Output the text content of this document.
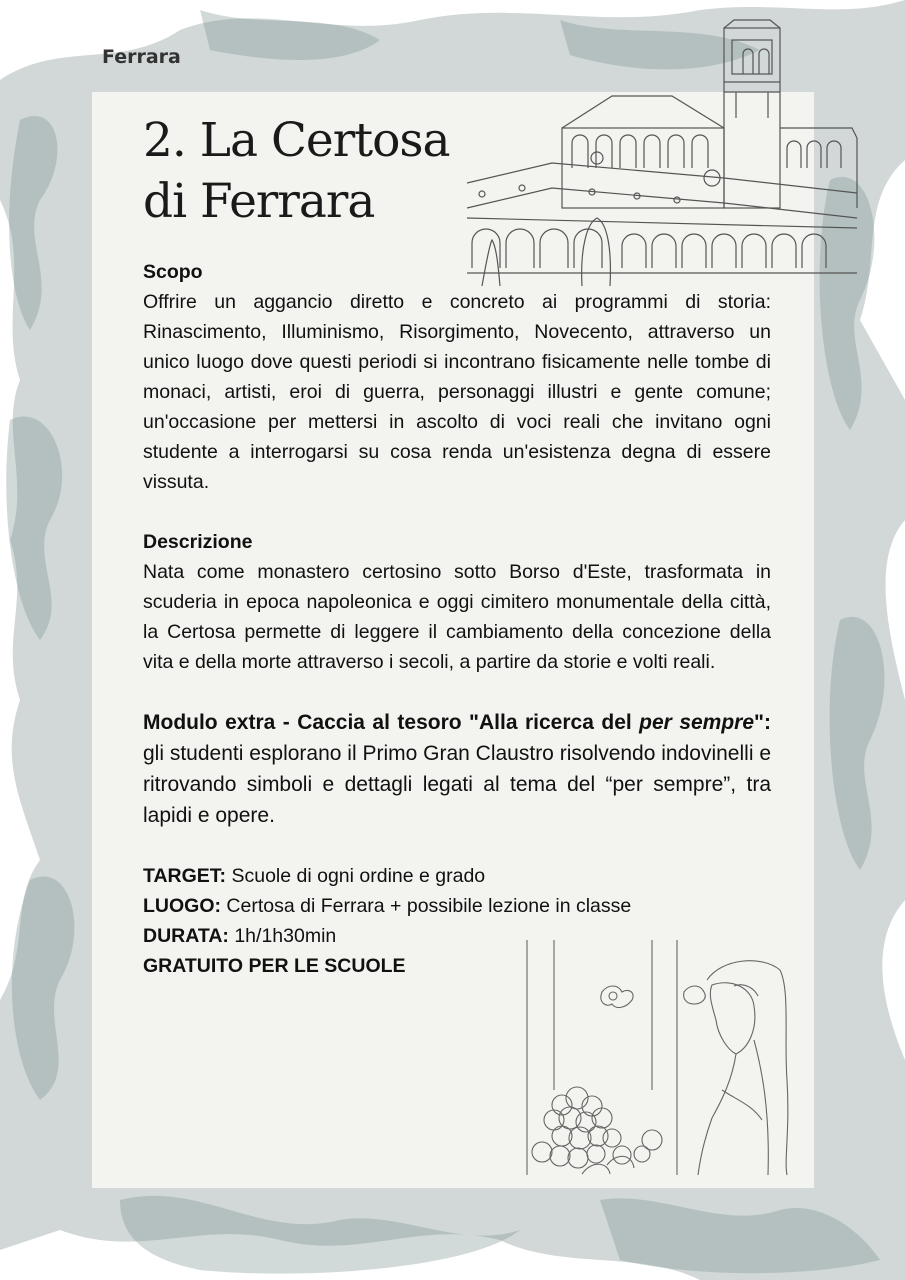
Ferrara
2. La Certosa
di Ferrara
Scopo

Offrire un aggancio diretto e concreto ai programmi di storia: Rinascimento, Illuminismo, Risorgimento, Novecento, attraverso un unico luogo dove questi periodi si incontrano fisicamente nelle tombe di monaci, artisti, eroi di guerra, personaggi illustri e gente comune; un'occasione per mettersi in ascolto di voci reali che invitano ogni studente a interrogarsi su cosa renda un'esistenza degna di essere vissuta.

Descrizione

Nata come monastero certosino sotto Borso d'Este, trasformata in scuderia in epoca napoleonica e oggi cimitero monumentale della città, la Certosa permette di leggere il cambiamento della concezione della vita e della morte attraverso i secoli, a partire da storie e volti reali.

Modulo extra - Caccia al tesoro "Alla ricerca del per sempre": gli studenti esplorano il Primo Gran Claustro risolvendo indovinelli e ritrovando simboli e dettagli legati al tema del “per sempre”, tra lapidi e opere.

TARGET: Scuole di ogni ordine e grado
LUOGO: Certosa di Ferrara + possibile lezione in classe
DURATA: 1h/1h30min
GRATUITO PER LE SCUOLE
